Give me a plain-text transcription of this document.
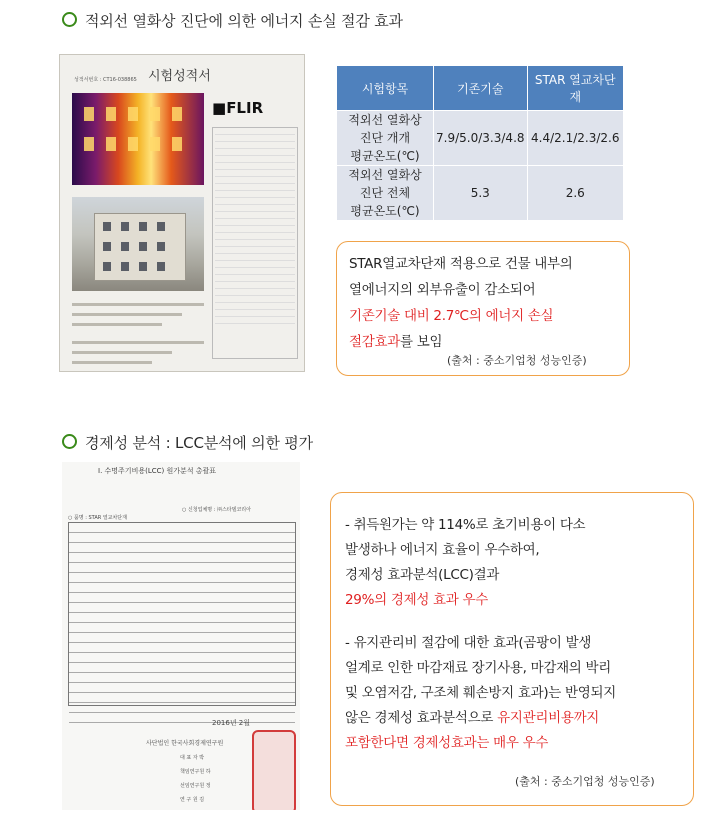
적외선 열화상 진단에 의한 에너지 손실 절감 효과
성적서번호 : CT16-038865 시험성적서
■FLIR
시험항목	기존기술	STAR 열교차단재

적외선 열화상
진단 개개
평균온도(℃)	7.9/5.0/3.3/4.8	4.4/2.1/2.3/2.6

적외선 열화상
진단 전체
평균온도(℃)	5.3	2.6
STAR열교차단재 적용으로 건물 내부의
열에너지의 외부유출이 감소되어
기존기술 대비 2.7℃의 에너지 손실
절감효과를 보임
(출처 : 중소기업청 성능인증)
경제성 분석 : LCC분석에 의한 평가
Ⅰ. 수명주기비용(LCC) 원가분석 총괄표
○ 신청업체명 : ㈜스타델코리아
○ 품명 : STAR 열교차단재
2016년 2월
사단법인 한국사회경제연구원
대 표 자 박
책임연구원 하
선임연구원 정
연 구 원 김
- 취득원가는 약 114%로 초기비용이 다소
발생하나 에너지 효율이 우수하여,
경제성 효과분석(LCC)결과
29%의 경제성 효과 우수
- 유지관리비 절감에 대한 효과(곰팡이 발생
얼계로 인한 마감재료 장기사용, 마감재의 박리
및 오염저감, 구조체 훼손방지 효과)는 반영되지
않은 경제성 효과분석으로 유지관리비용까지
포함한다면 경제성효과는 매우 우수
(출처 : 중소기업청 성능인증)
